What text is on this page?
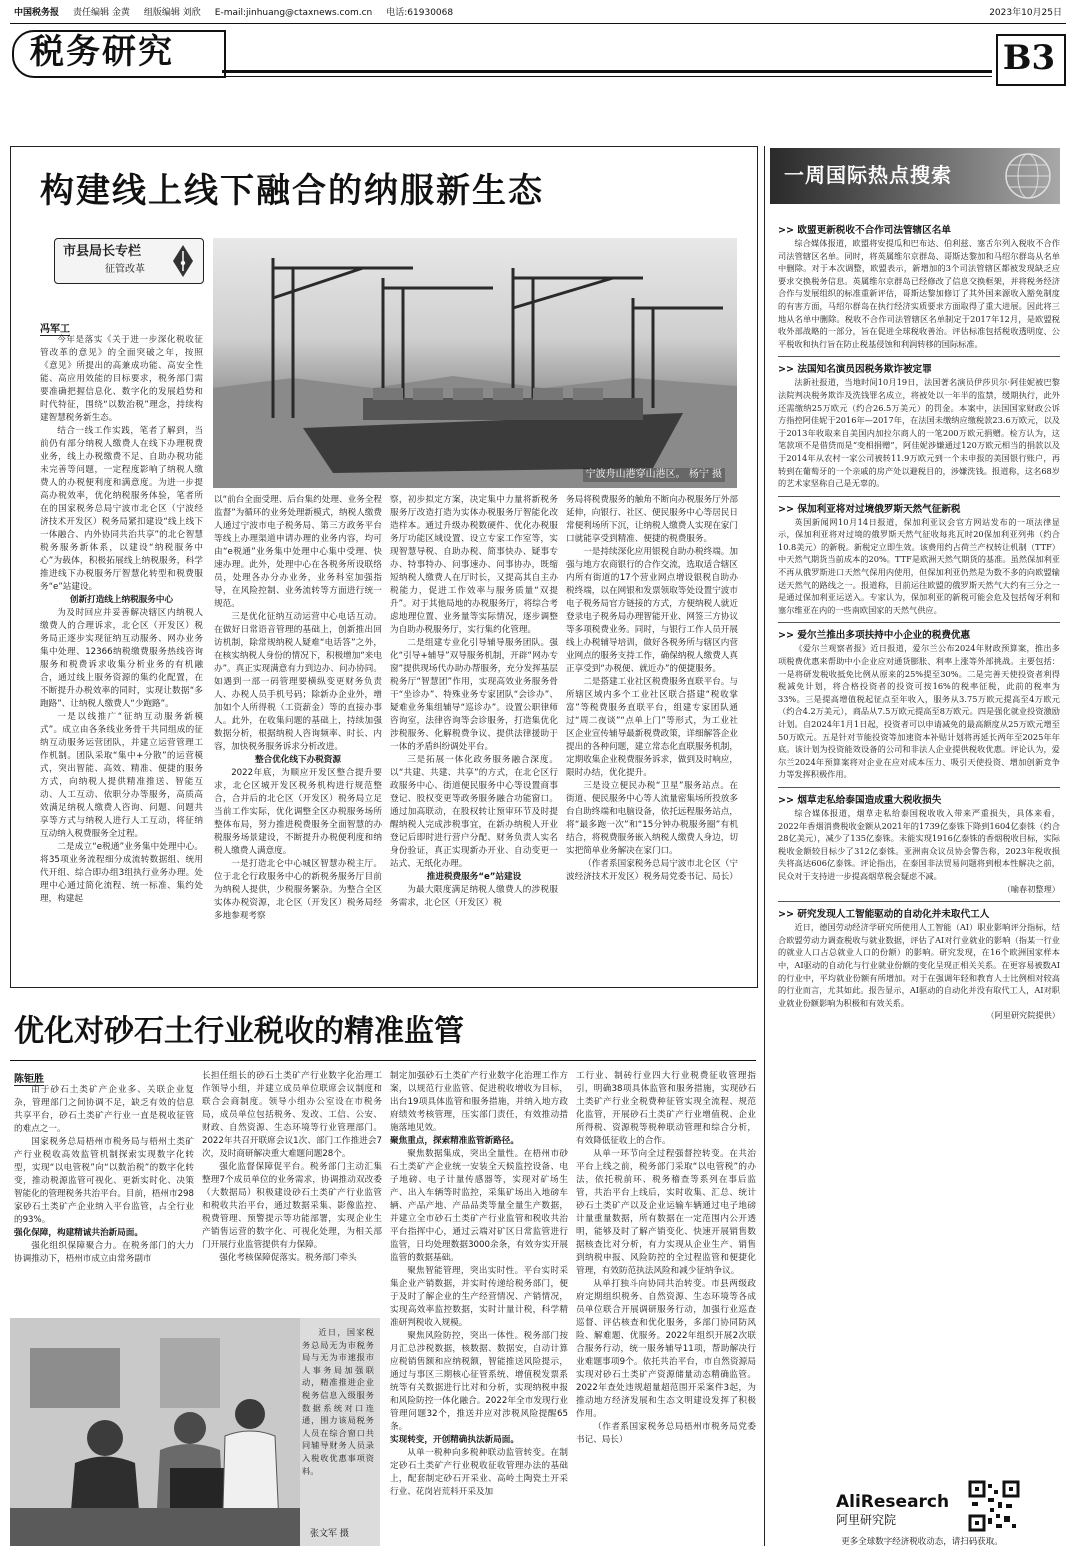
中国税务报 责任编辑 金黄 组版编辑 刘欣 E-mail:jinhuang@ctaxnews.com.cn 电话:61930068	2023年10月25日
税务研究	B3
构建线上线下融合的纳服新生态
市县局长专栏
征管改革
宁波舟山港穿山港区。 杨宁 摄
冯军工

今年是落实《关于进一步深化税收征管改革的意见》的全面突破之年，按照《意见》所提出的高兼成功能、高安全性能、高应用效能的目标要求，税务部门需要准确把握信息化、数字化的发展趋势和时代特征，围绕“以数治税”理念，持续构建智慧税务新生态。

结合一线工作实践，笔者了解到，当前仍有部分纳税人缴费人在线下办理税费业务，线上办税缴费不足、自助办税功能未完善等问题，一定程度影响了纳税人缴费人的办税便利度和满意度。为进一步提高办税效率，优化纳税服务体验，笔者所在的国家税务总局宁波市北仑区（宁波经济技术开发区）税务局紧扣建设“线上线下一体融合、内外协同共治共享”的北仑智慧税务服务新体系，以建设“纳税服务中心”为载体，积极拓展线上纳税服务，科学推进线下办税服务厅智慧化转型和税费服务“e”站建设。

创新打造线上纳税服务中心

为及时回应并妥善解决辖区内纳税人缴费人的合理诉求，北仑区（开发区）税务局正逐步实现征纳互动服务、网办业务集中处理、12366纳税缴费服务热线咨询服务和税费诉求收集分析业务的有机融合，通过线上服务资源的集约化配置，在不断提升办税效率的同时，实现让数据“多跑路”、让纳税人缴费人“少跑路”。

一是以线推广“征纳互动服务新模式”。成立由各条线业务骨干共同组成的征纳互动服务运营团队，并建立运营管理工作机制。团队采取“集中+分散”的运营模式，突出智能、高效、精准、便捷的服务方式，向纳税人提供精准推送、智能互动、人工互动、依职分办等服务，高质高效满足纳税人缴费人咨询、问题、问题共享等方式与纳税人进行人工互动，将征纳互动纳入税费服务全过程。

二是成立“e税通”业务集中处理中心。将35项业务流程细分成流转数据组、统用代开组、综合即办组3组执行业务办理。处理中心通过简化流程、统一标准、集约处理，构建起

以“前台全面受理、后台集约处理、业务全程监督”为循环的业务处理新模式，纳税人缴费人通过宁波市电子税务局、第三方政务平台等线上办理渠道申请办理的业务内容，均可由“e税通”业务集中处理中心集中受理、快速办理。此外，处理中心在各税务所设联络员，处理各办分办业务，业务科室加强指导，在风险控制、业务流转等方面进行统一规范。

三是优化征纳互动运营中心电话互动。在做好日常语音管理的基础上，创新推出回访机制，除常规纳税人疑难“电话答”之外，在核实纳税人身份的情况下，积极增加“来电办”。真正实现满意有力到边办、问办协同。如遇到一部一码管理要横纵变更财务负责人、办税人员手机号码；除新办企业外，增加如个人所得税（工资薪金）等的直接办事人。此外，在收集问题的基础上，持续加强数据分析，根据纳税人咨询频率、时长、内容，加快税务服务诉求分析改进。

整合优化线下办税资源

2022年底，为顺应开发区整合提升要求，北仑区城开发区税务机构进行规范整合，合并后的北仑区（开发区）税务局立足当前工作实际，优化调整全区办税服务场所整体布局，努力推进税费服务全面智慧的办税服务场景建设，不断提升办税便利度和纳税人缴费人满意度。

一是打造北仑中心城区智慧办税主厅。位于北仑行政服务中心的新税务服务厅目前为纳税人提供，少税服务繁杂。为整合全区实体办税资源，北仑区（开发区）税务局经多地参观考察

察，初步拟定方案，决定集中力量将新税务服务厅改造打造为实体办税服务厅智能化改造样本。通过升级办税数硬件、优化办税服务厅功能区域设置、设立专家工作室等，实现智慧导税、自助办税、简事快办、疑事专办、特事特办、问事速办、问事协办，既缩短纳税人缴费人在厅时长，又提高其自主办税能力，促进工作效率与服务质量“双提升”。对于其他局地的办税服务厅，将综合考虑地理位置、业务量等实际情况，逐步调整为自助办税服务厅，实行集约化管理。

二是组建专业化引导辅导服务团队。强化“引导+辅导”双导服务机制，开辟“网办专窗”提供现场代办助办帮服务，充分发挥基层税务厅“智慧团”作用，实现高效业务服务骨干“坐诊办”、特殊业务专家团队“会诊办”、疑难业务集组辅导“巡诊办”。设置公职律师咨询室，法律咨询等会诊服务，打造集优化涉税服务、化解税费争议、提供法律援助于一体的矛盾纠纷调处平台。

三是拓展一体化政务服务融合深度。以“共建、共建、共享”的方式，在北仑区行政服务中心、街道便民服务中心等设置商事登记、股权变更等政务服务融合功能窗口。通过加高联动，在股权转让预审环节及时提醒纳税人完成涉税事宜，在新办纳税人开业登记后即时进行营户分配、财务负责人实名身份验证，真正实现新办开业、自动变更一站式、无纸化办理。

推进税费服务“e”站建设

为最大限度满足纳税人缴费人的涉税服务需求，北仑区（开发区）税

务局将税费服务的触角不断向办税服务厅外部延伸，向银行、社区、便民服务中心等居民日常便利场所下沉，让纳税人缴费人实现在家门口就能享受到精准、便捷的税费服务。

一是持续深化应用银税自助办税终端。加强与地方农商银行的合作交流，选取适合辖区内所有街道的17个营业网点增设银税自助办税终端，以在网银和发票领取等处设置宁波市电子税务局官方链接的方式，方便纳税人就近登录电子税务局办理智能开业、网签三方协议等多项税费业务。同时，与银行工作人员开展线上办税辅导培训，做好各税务所与辖区内营业网点的服务支持工作，确保纳税人缴费人真正享受到“办税便、就近办”的便捷服务。

二是搭建工业社区税费服务直联平台。与所辖区域内多个工业社区联合搭建“税收掌富”等税费服务直联平台，组建专家团队通过“周二夜谈”“点单上门”等形式，为工业社区企业宣传辅导最新税费政策，详细解答企业提出的各种问题，建立常态化直联服务机制，定期收集企业税费服务诉求，做到及时响应，限时办结，优化提升。

三是设立便民办税“卫星”服务站点。在街道、便民服务中心等人流量密集场所投放多台自助终端和电脑设备，依托远程服务站点，将“最多跑一次”和“15分钟办税服务圈”有机结合，将税费服务嵌入纳税人缴费人身边，切实把简单业务解决在家门口。

（作者系国家税务总局宁波市北仑区（宁波经济技术开发区）税务局党委书记、局长）

优化对砂石土行业税收的精准监管
陈钜胜

由于砂石土类矿产企业多、关联企业复杂，管理部门之间协调不足，缺乏有效的信息共享平台，砂石土类矿产行业一直是税收征管的难点之一。

国家税务总局梧州市税务局与梧州土类矿产行业税收高效监管机制探索实现数字化转型，实现“以电管税”向“以数治税”的数字化转变，推动税源监管可视化、更新实时化、决策智能化的管理税务共治平台。目前，梧州市298家砂石土类矿产企业纳入平台监管，占全行业的93%。

强化保障，构建精诚共治新局面。

强化组织保障聚合力。在税务部门的大力协调推动下，梧州市成立由常务副市

长担任组长的砂石土类矿产行业数字化治理工作领导小组，并建立成员单位联席会议制度和联合会商制度。领导小组办公室设在市税务局，成员单位包括税务、发改、工信、公安、财政、自然资源、生态环境等行业管理部门。2022年共召开联席会议1次、部门工作推进会7次，及时商研解决重大难题问题28个。

强化监督保障促平台。税务部门主动汇集整理7个成员单位的业务需求，协调推动双改委（大数据局）积极建设砂石土类矿产行业监管和税收共治平台，通过数据采集、影像监控、税费管理、预警提示等功能部署，实现企业生产销售运营的数字化、可视化处理，为相关部门开展行业监管提供有力保障。

强化考核保障促落实。税务部门牵头

近日，国家税务总局无为市税务局与无为市速报市人事务局加强联动，精准推进企业税务信息入级服务数据系统对口连通，围力该局税务人员在综合窗口共同辅导财务人员录入税收优惠事项资料。

张文军 摄

制定加强砂石土类矿产行业数字化治理工作方案，以规范行业监管、促进税收增收为目标，出台19项具体监管和服务措施，并纳入地方政府绩效考核管理，压实部门责任，有效推动措施落地见效。

聚焦重点，探索精准监管新路径。

聚焦数据集成，突出全量性。在梧州市砂石土类矿产企业统一安装全天候监控设备、电子地磅、电子计量传感器等，实现对矿场生产、出入车辆等时监控，采集矿场出入地磅车辆、产品产地、产品品类等量全量生产数据，并建立全市砂石土类矿产行业监管和税收共治平台指挥中心，通过云端对矿区日常监管进行监管，日均处理数据3000余条，有效夯实开展监管的数据基础。

聚焦智能管理，突出实时性。平台实时采集企业产销数据，并实时传递给税务部门，便于及时了解企业的生产经营情况、产销情况，实现高效率监控数据，实时计量计税，科学精准研判税收入规模。

聚焦风险防控，突出一体性。税务部门按月汇总涉税数据，核数据、数据安，自动计算应税销售额和应纳税额，智能推送风险提示，通过与事区三期核心征管系统、增值税发票系统等有关数据进行比对和分析，实现纳税申报和风险防控一体化融合。2022年全市发现行业管理问题32个，推送并应对涉税风险提醒65条。

实现转变，开创精确执法新局面。

从单一税种向多税种联动监管转变。在制定砂石土类矿产行业税收征收管理办法的基础上，配套制定砂石开采业、高岭土陶瓷土开采行业、花岗岩荒料开采及加

工行业、制砖行业四大行业税费征收管理指引，明确38项具体监管和服务措施，实现砂石土类矿产行业全税费种征管实现全流程、规范化监管，开展砂石土类矿产行业增值税、企业所得税、资源税等税种联动管理和综合分析，有效降低征收上的合作。

从单一环节向全过程强督控转变。在共治平台上线之前，税务部门采取“以电管税”的办法，依托税前环、税务稽查等系列在事后监管，共治平台上线后，实时收集、汇总、统计砂石土类矿产以及企业运输车辆通过电子地磅计量重量数据，所有数据在一定范围内公开透明，能够及时了解产销变化、快速开展销售数据核查比对分析，有力实现从企业生产、销售到纳税申报、风险防控的全过程监管和便捷化管理，有效防范执法风险和减少征纳争议。

从单打独斗向协同共治转变。市县两级政府定期组织税务、自然资源、生态环境等各成员单位联合开展调研服务行动，加强行业巡查巡督、评估核查和优化服务，多部门协同防风险、解难题、优服务。2022年组织开展2次联合服务行动，统一服务辅导11项，帮助解决行业难题事项9个。依托共治平台，市自然资源局实现对砂石土类矿产资源储量动态精确监管。2022年查处违规超量超范围开采案件3起，为推动地方经济发展和生态文明建设发挥了积极作用。

（作者系国家税务总局梧州市税务局党委书记、局长）

一周国际热点搜索
>> 欧盟更新税收不合作司法管辖区名单

综合媒体报道，欧盟将安提瓜和巴布达、伯利兹、塞舌尔列入税收不合作司法管辖区名单。同时，将英属维尔京群岛、哥斯达黎加和马绍尔群岛从名单中删除。对于本次调整，欧盟表示，新增加的3个司法管辖区都被发现缺乏应要求交换税务信息。英属维尔京群岛已经修改了信息交换框架，并将税务经济合作与发展组织的标准重新评估，哥斯达黎加修订了其外国来源收入豁免制度的有害方面，马绍尔群岛在执行经济实质要求方面取得了重大进展。因此将三地从名单中删除。税收不合作司法管辖区名单制定于2017年12月，是欧盟税收外部战略的一部分，旨在促进全球税收善治。评估标准包括税收透明度、公平税收和执行旨在防止税基侵蚀和利润转移的国际标准。

>> 法国知名演员因税务欺诈被定罪

法新社报道，当地时间10月19日，法国著名演员伊莎贝尔·阿佳妮被巴黎法院判决税务欺诈及洗钱罪名成立，将被处以一年半的监禁，缓期执行，此外还需缴纳25万欧元（约合26.5万美元）的罚金。本案中，法国国家财政公诉方指控阿佳妮于2016年—2017年，在法国未缴纳应缴税款23.6万欧元，以及于2013年收取来自美国内加拉尔商人的一笔200万欧元捐赠。检方认为，这笔款项不是借贷而是“变相捐赠”，阿佳妮涉嫌通过120万欧元相当的捐款以及于2014年从农村一家公司被转11.9万欧元到一个未申报的美国银行账户，再转到在葡萄牙的一个亲戚的房产处以避税目的，涉嫌洗钱。报道称，这名68岁的艺术家坚称自己是无辜的。

>> 保加利亚将对过境俄罗斯天然气征新税

英国新闻网10月14日报道，保加利亚议会官方网站发布的一项法律显示，保加利亚将对过境的俄罗斯天然气征收每兆瓦时20保加利亚列弗（约合10.8美元）的新税。新税定立即生效。该费用约占荷兰产权转让机制（TTF）中天然气期货当前成本的20%。TTF是欧洲天然气期货的基准。虽然保加利亚不再从俄罗斯进口天然气保用内使用，但保加利亚仍然是为数不多的向欧盟输送天然气的路线之一。报道称，目前运往欧盟的俄罗斯天然气大约有三分之一是通过保加利亚运送入。专家认为，保加利亚的新税可能会危及包括匈牙利和塞尔维亚在内的一些南欧国家的天然气供应。

>> 爱尔兰推出多项扶持中小企业的税费优惠

《爱尔兰观察者报》近日报道，爱尔兰公布2024年财政预算案，推出多项税费优惠来帮助中小企业应对通货膨胀、利率上涨等外部挑战。主要包括：一是将研发税收抵免比例从原来的25%提至30%。二是完善天使投资者利得税减免计划，将合格投资者的投资可按16%的税率征税，此前的税率为33%。三是提高增值税起征点至年收入，服务从3.75万欧元提高至4万欧元（约合4.2万美元），商品从7.5万欧元提高至8万欧元。四是强化就业投资激励计划。自2024年1月1日起，投资者可以申请减免的最高额度从25万欧元增至50万欧元。五是针对节能投资等加速资本补贴计划将再延长两年至2025年年底。该计划为投资能效设备的公司和非法人企业提供税收优惠。评论认为，爱尔兰2024年预算案将对企业在应对成本压力、吸引天使投资、增加创新竞争力等发挥积极作用。

>> 烟草走私给泰国造成重大税收损失

综合媒体报道，烟草走私给泰国税收收入带来严重损失，具体来看，2022年香烟消费税收金额从2021年的1739亿泰铢下降到1604亿泰铢（约合28亿美元），减少了135亿泰铢。未能实现1916亿泰铢的香烟税收目标，实际税收金额较目标少了312亿泰铢。亚洲南众议员协会警告称，2023年税收损失将高达606亿泰铢。评论指出，在泰国非法贸易问题将到根本性解决之前，民众对于支持进一步提高烟草税会疑虑不减。

（喻春初整理）
>> 研究发现人工智能驱动的自动化并未取代工人

近日，德国劳动经济学研究所使用人工智能（AI）职业影响评分指标，结合欧盟劳动力调查税收与就业数据，评估了AI对行业就业的影响（指某一行业的就业人口占总就业人口的份额）的影响。研究发现，在16个欧洲国家样本中，AI驱动的自动化与行业就业份额的变化呈现正相关关系。在更容易被数AI的行业中，平均就业份额有所增加。对于在强调年轻和教育人士比例相对较高的行业而言，尤其如此。报告显示，AI驱动的自动化并没有取代工人，AI对职业就业份额影响为积极和有效关系。

（阿里研究院提供）
AliResearch
阿里研究院
更多全球数字经济税收动态，请扫码获取。
